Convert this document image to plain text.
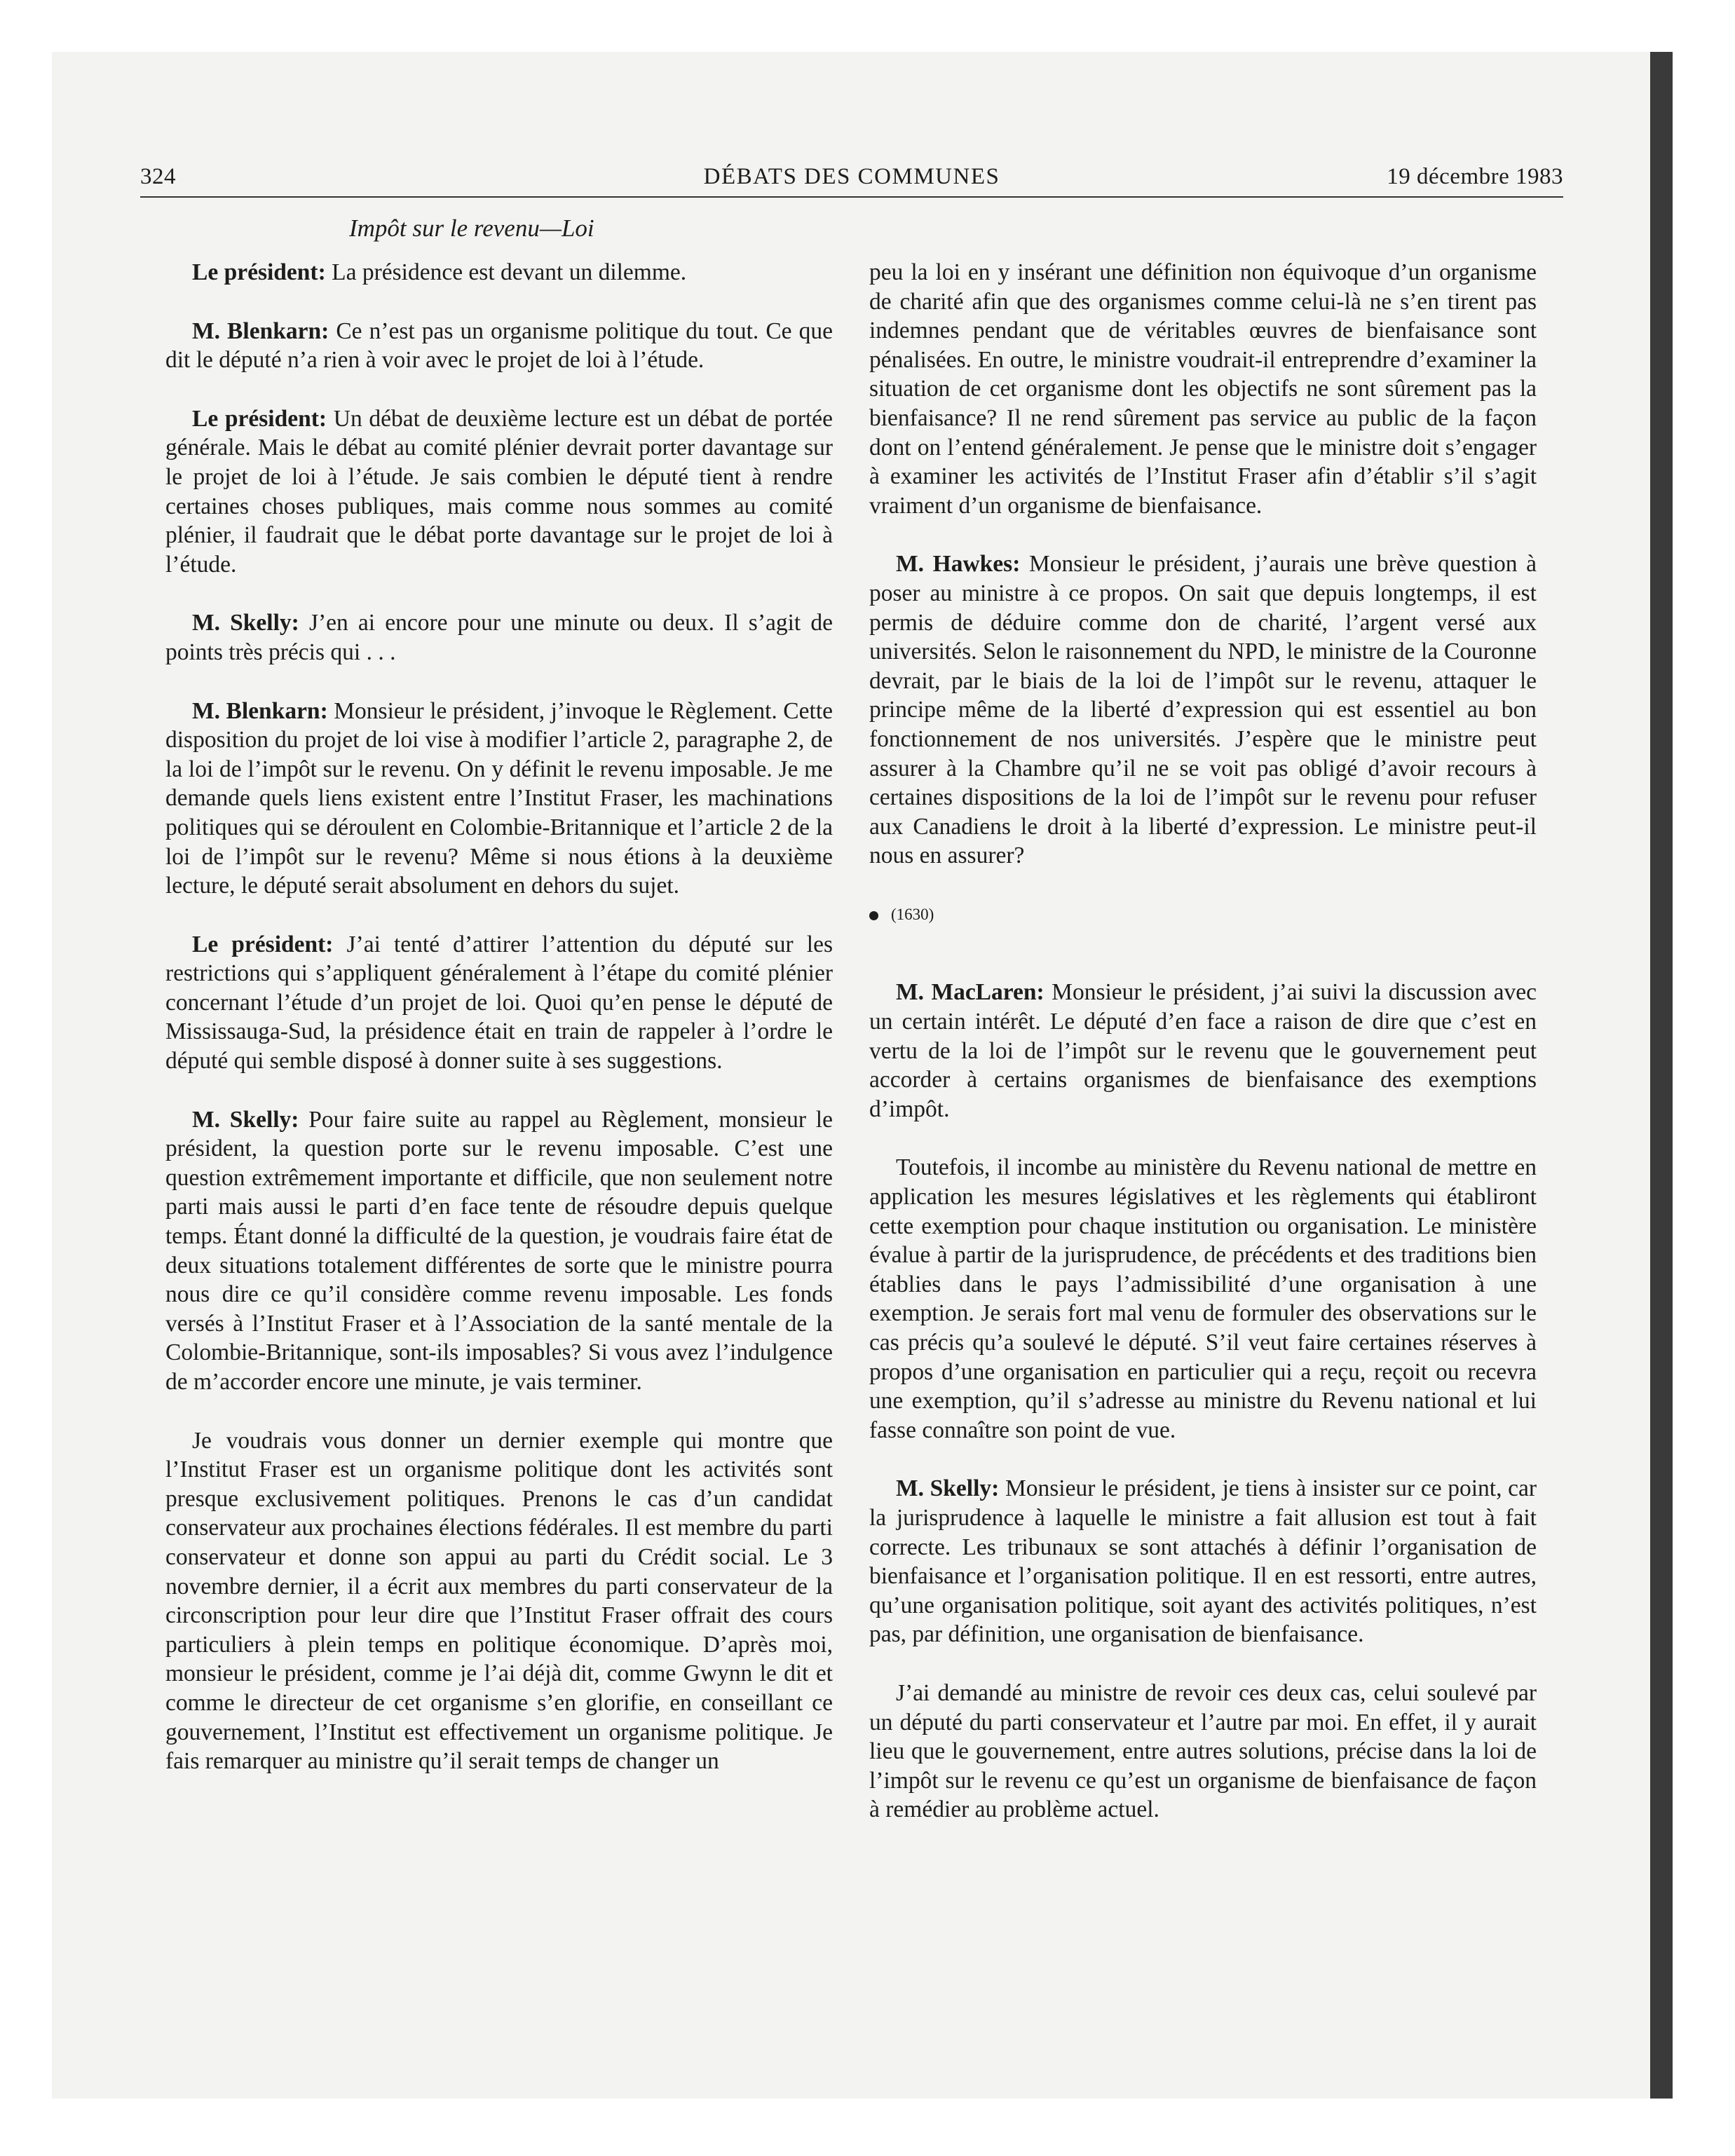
324	DÉBATS DES COMMUNES	19 décembre 1983
Impôt sur le revenu—Loi

Le président: La présidence est devant un dilemme.

M. Blenkarn: Ce n’est pas un organisme politique du tout. Ce que dit le député n’a rien à voir avec le projet de loi à l’étude.

Le président: Un débat de deuxième lecture est un débat de portée générale. Mais le débat au comité plénier devrait porter davantage sur le projet de loi à l’étude. Je sais combien le député tient à rendre certaines choses publiques, mais comme nous sommes au comité plénier, il faudrait que le débat porte davantage sur le projet de loi à l’étude.

M. Skelly: J’en ai encore pour une minute ou deux. Il s’agit de points très précis qui . . .

M. Blenkarn: Monsieur le président, j’invoque le Règlement. Cette disposition du projet de loi vise à modifier l’article 2, paragraphe 2, de la loi de l’impôt sur le revenu. On y définit le revenu imposable. Je me demande quels liens existent entre l’Institut Fraser, les machinations politiques qui se déroulent en Colombie-Britannique et l’article 2 de la loi de l’impôt sur le revenu? Même si nous étions à la deuxième lecture, le député serait absolument en dehors du sujet.

Le président: J’ai tenté d’attirer l’attention du député sur les restrictions qui s’appliquent généralement à l’étape du comité plénier concernant l’étude d’un projet de loi. Quoi qu’en pense le député de Mississauga-Sud, la présidence était en train de rappeler à l’ordre le député qui semble disposé à donner suite à ses suggestions.

M. Skelly: Pour faire suite au rappel au Règlement, monsieur le président, la question porte sur le revenu imposable. C’est une question extrêmement importante et difficile, que non seulement notre parti mais aussi le parti d’en face tente de résoudre depuis quelque temps. Étant donné la difficulté de la question, je voudrais faire état de deux situations totalement différentes de sorte que le ministre pourra nous dire ce qu’il considère comme revenu imposable. Les fonds versés à l’Institut Fraser et à l’Association de la santé mentale de la Colombie-Britannique, sont-ils imposables? Si vous avez l’indulgence de m’accorder encore une minute, je vais terminer.

Je voudrais vous donner un dernier exemple qui montre que l’Institut Fraser est un organisme politique dont les activités sont presque exclusivement politiques. Prenons le cas d’un candidat conservateur aux prochaines élections fédérales. Il est membre du parti conservateur et donne son appui au parti du Crédit social. Le 3 novembre dernier, il a écrit aux membres du parti conservateur de la circonscription pour leur dire que l’Institut Fraser offrait des cours particuliers à plein temps en politique économique. D’après moi, monsieur le président, comme je l’ai déjà dit, comme Gwynn le dit et comme le directeur de cet organisme s’en glorifie, en conseillant ce gouvernement, l’Institut est effectivement un organisme politique. Je fais remarquer au ministre qu’il serait temps de changer un

peu la loi en y insérant une définition non équivoque d’un organisme de charité afin que des organismes comme celui-là ne s’en tirent pas indemnes pendant que de véritables œuvres de bienfaisance sont pénalisées. En outre, le ministre voudrait-il entreprendre d’examiner la situation de cet organisme dont les objectifs ne sont sûrement pas la bienfaisance? Il ne rend sûrement pas service au public de la façon dont on l’entend généralement. Je pense que le ministre doit s’engager à examiner les activités de l’Institut Fraser afin d’établir s’il s’agit vraiment d’un organisme de bienfaisance.

M. Hawkes: Monsieur le président, j’aurais une brève question à poser au ministre à ce propos. On sait que depuis longtemps, il est permis de déduire comme don de charité, l’argent versé aux universités. Selon le raisonnement du NPD, le ministre de la Couronne devrait, par le biais de la loi de l’impôt sur le revenu, attaquer le principe même de la liberté d’expression qui est essentiel au bon fonctionnement de nos universités. J’espère que le ministre peut assurer à la Chambre qu’il ne se voit pas obligé d’avoir recours à certaines dispositions de la loi de l’impôt sur le revenu pour refuser aux Canadiens le droit à la liberté d’expression. Le ministre peut-il nous en assurer?

(1630)

M. MacLaren: Monsieur le président, j’ai suivi la discussion avec un certain intérêt. Le député d’en face a raison de dire que c’est en vertu de la loi de l’impôt sur le revenu que le gouvernement peut accorder à certains organismes de bienfaisance des exemptions d’impôt.

Toutefois, il incombe au ministère du Revenu national de mettre en application les mesures législatives et les règlements qui établiront cette exemption pour chaque institution ou organisation. Le ministère évalue à partir de la jurisprudence, de précédents et des traditions bien établies dans le pays l’admissibilité d’une organisation à une exemption. Je serais fort mal venu de formuler des observations sur le cas précis qu’a soulevé le député. S’il veut faire certaines réserves à propos d’une organisation en particulier qui a reçu, reçoit ou recevra une exemption, qu’il s’adresse au ministre du Revenu national et lui fasse connaître son point de vue.

M. Skelly: Monsieur le président, je tiens à insister sur ce point, car la jurisprudence à laquelle le ministre a fait allusion est tout à fait correcte. Les tribunaux se sont attachés à définir l’organisation de bienfaisance et l’organisation politique. Il en est ressorti, entre autres, qu’une organisation politique, soit ayant des activités politiques, n’est pas, par définition, une organisation de bienfaisance.

J’ai demandé au ministre de revoir ces deux cas, celui soulevé par un député du parti conservateur et l’autre par moi. En effet, il y aurait lieu que le gouvernement, entre autres solutions, précise dans la loi de l’impôt sur le revenu ce qu’est un organisme de bienfaisance de façon à remédier au problème actuel.
